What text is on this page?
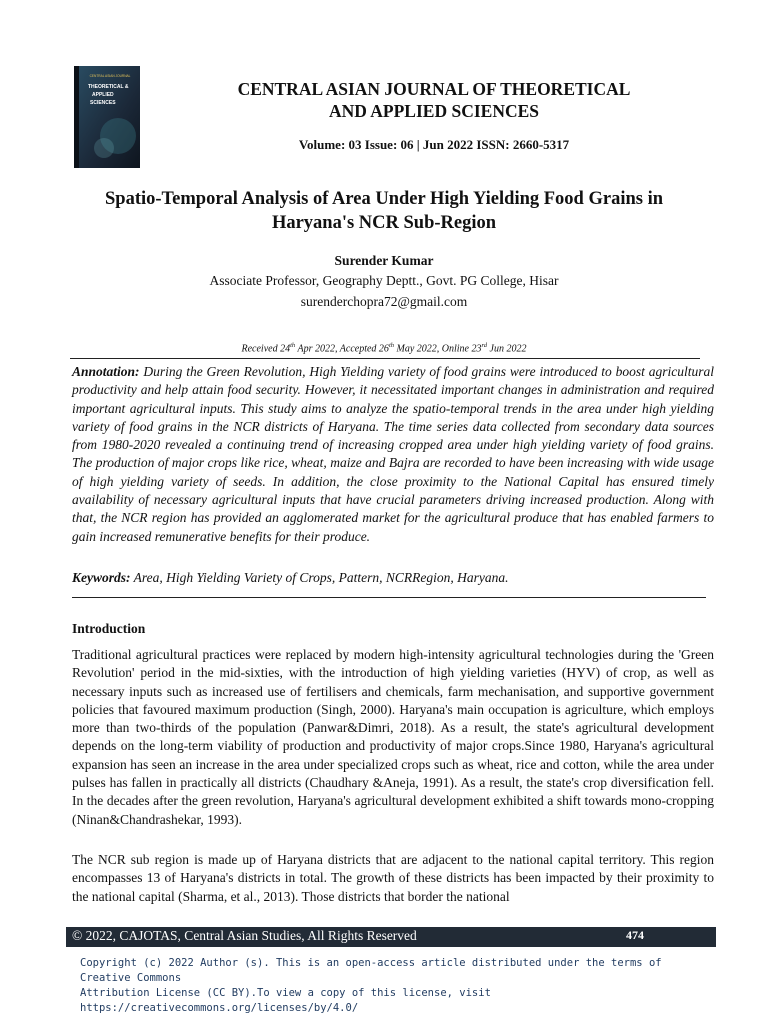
CENTRAL ASIAN JOURNAL
THEORETICAL &
APPLIED
SCIENCES
CENTRAL ASIAN JOURNAL OF THEORETICAL
AND APPLIED SCIENCES
Volume: 03 Issue: 06 | Jun 2022 ISSN: 2660-5317
Spatio-Temporal Analysis of Area Under High Yielding Food Grains in
Haryana's NCR Sub-Region
Surender Kumar
Associate Professor, Geography Deptt., Govt. PG College, Hisar
surenderchopra72@gmail.com
Received 24th Apr 2022, Accepted 26th May 2022, Online 23rd Jun 2022
Annotation: During the Green Revolution, High Yielding variety of food grains were introduced to boost agricultural productivity and help attain food security. However, it necessitated important changes in administration and required important agricultural inputs. This study aims to analyze the spatio-temporal trends in the area under high yielding variety of food grains in the NCR districts of Haryana. The time series data collected from secondary data sources from 1980-2020 revealed a continuing trend of increasing cropped area under high yielding variety of food grains. The production of major crops like rice, wheat, maize and Bajra are recorded to have been increasing with wide usage of high yielding variety of seeds. In addition, the close proximity to the National Capital has ensured timely availability of necessary agricultural inputs that have crucial parameters driving increased production. Along with that, the NCR region has provided an agglomerated market for the agricultural produce that has enabled farmers to gain increased remunerative benefits for their produce.
Keywords: Area, High Yielding Variety of Crops, Pattern, NCRRegion, Haryana.
Introduction
Traditional agricultural practices were replaced by modern high-intensity agricultural technologies during the 'Green Revolution' period in the mid-sixties, with the introduction of high yielding varieties (HYV) of crop, as well as necessary inputs such as increased use of fertilisers and chemicals, farm mechanisation, and supportive government policies that favoured maximum production (Singh, 2000). Haryana's main occupation is agriculture, which employs more than two-thirds of the population (Panwar&Dimri, 2018). As a result, the state's agricultural development depends on the long-term viability of production and productivity of major crops.Since 1980, Haryana's agricultural expansion has seen an increase in the area under specialized crops such as wheat, rice and cotton, while the area under pulses has fallen in practically all districts (Chaudhary &Aneja, 1991). As a result, the state's crop diversification fell. In the decades after the green revolution, Haryana's agricultural development exhibited a shift towards mono-cropping (Ninan&Chandrashekar, 1993).
The NCR sub region is made up of Haryana districts that are adjacent to the national capital territory. This region encompasses 13 of Haryana's districts in total. The growth of these districts has been impacted by their proximity to the national capital (Sharma, et al., 2013). Those districts that border the national
© 2022, CAJOTAS, Central Asian Studies, All Rights Reserved	474
Copyright (c) 2022 Author (s). This is an open-access article distributed under the terms of Creative Commons
Attribution License (CC BY).To view a copy of this license, visit https://creativecommons.org/licenses/by/4.0/
